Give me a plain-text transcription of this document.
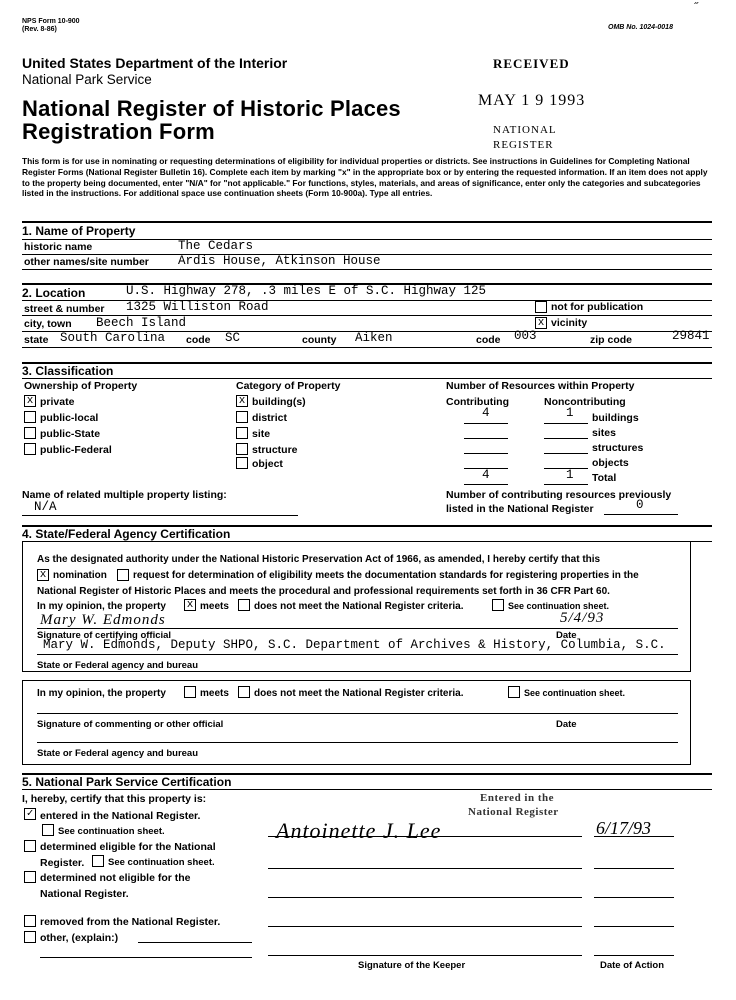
NPS Form 10-900
(Rev. 8-86)	OMB No. 1024-0018
˝
United States Department of the Interior
National Park Service
National Register of Historic Places
Registration Form
RECEIVED
MAY 1 9 1993
NATIONAL
REGISTER
This form is for use in nominating or requesting determinations of eligibility for individual properties or districts. See instructions in Guidelines for Completing National Register Forms (National Register Bulletin 16). Complete each item by marking "x" in the appropriate box or by entering the requested information. If an item does not apply to the property being documented, enter "N/A" for "not applicable." For functions, styles, materials, and areas of significance, enter only the categories and subcategories listed in the instructions. For additional space use continuation sheets (Form 10-900a). Type all entries.
1. Name of Property
historic name	The Cedars
other names/site number Ardis House, Atkinson House
2. Location	U.S. Highway 278, .3 miles E of S.C. Highway 125
street & number 1325 Williston Road	not for publication
city, town Beech Island	x vicinity
state South Carolina code SC	county Aiken	code 003	zip code	29841
3. Classification
Ownership of Property	Category of Property	Number of Resources within Property
x private
public-local
public-State
public-Federal
x building(s)
district
site
structure
object
Contributing	Noncontributing
4	1 buildings
sites
structures
objects
4	1 Total
Name of related multiple property listing:
N/A
Number of contributing resources previously
listed in the National Register	0
4. State/Federal Agency Certification
As the designated authority under the National Historic Preservation Act of 1966, as amended, I hereby certify that this
x nomination	request for determination of eligibility meets the documentation standards for registering properties in the
National Register of Historic Places and meets the procedural and professional requirements set forth in 36 CFR Part 60.
In my opinion, the property x meets	does not meet the National Register criteria.	See continuation sheet.
Mary W. Edmonds	5/4/93
Signature of certifying official	Date
Mary W. Edmonds, Deputy SHPO, S.C. Department of Archives & History, Columbia, S.C.
State or Federal agency and bureau
In my opinion, the property	meets	does not meet the National Register criteria.	See continuation sheet.
Signature of commenting or other official	Date
State or Federal agency and bureau
5. National Park Service Certification
I, hereby, certify that this property is:
✓ entered in the National Register.
See continuation sheet.
determined eligible for the National
Register. See continuation sheet.
determined not eligible for the
National Register.
removed from the National Register.
other, (explain:)
Entered in the
National Register
Antoinette J. Lee	6/17/93
Signature of the Keeper	Date of Action
